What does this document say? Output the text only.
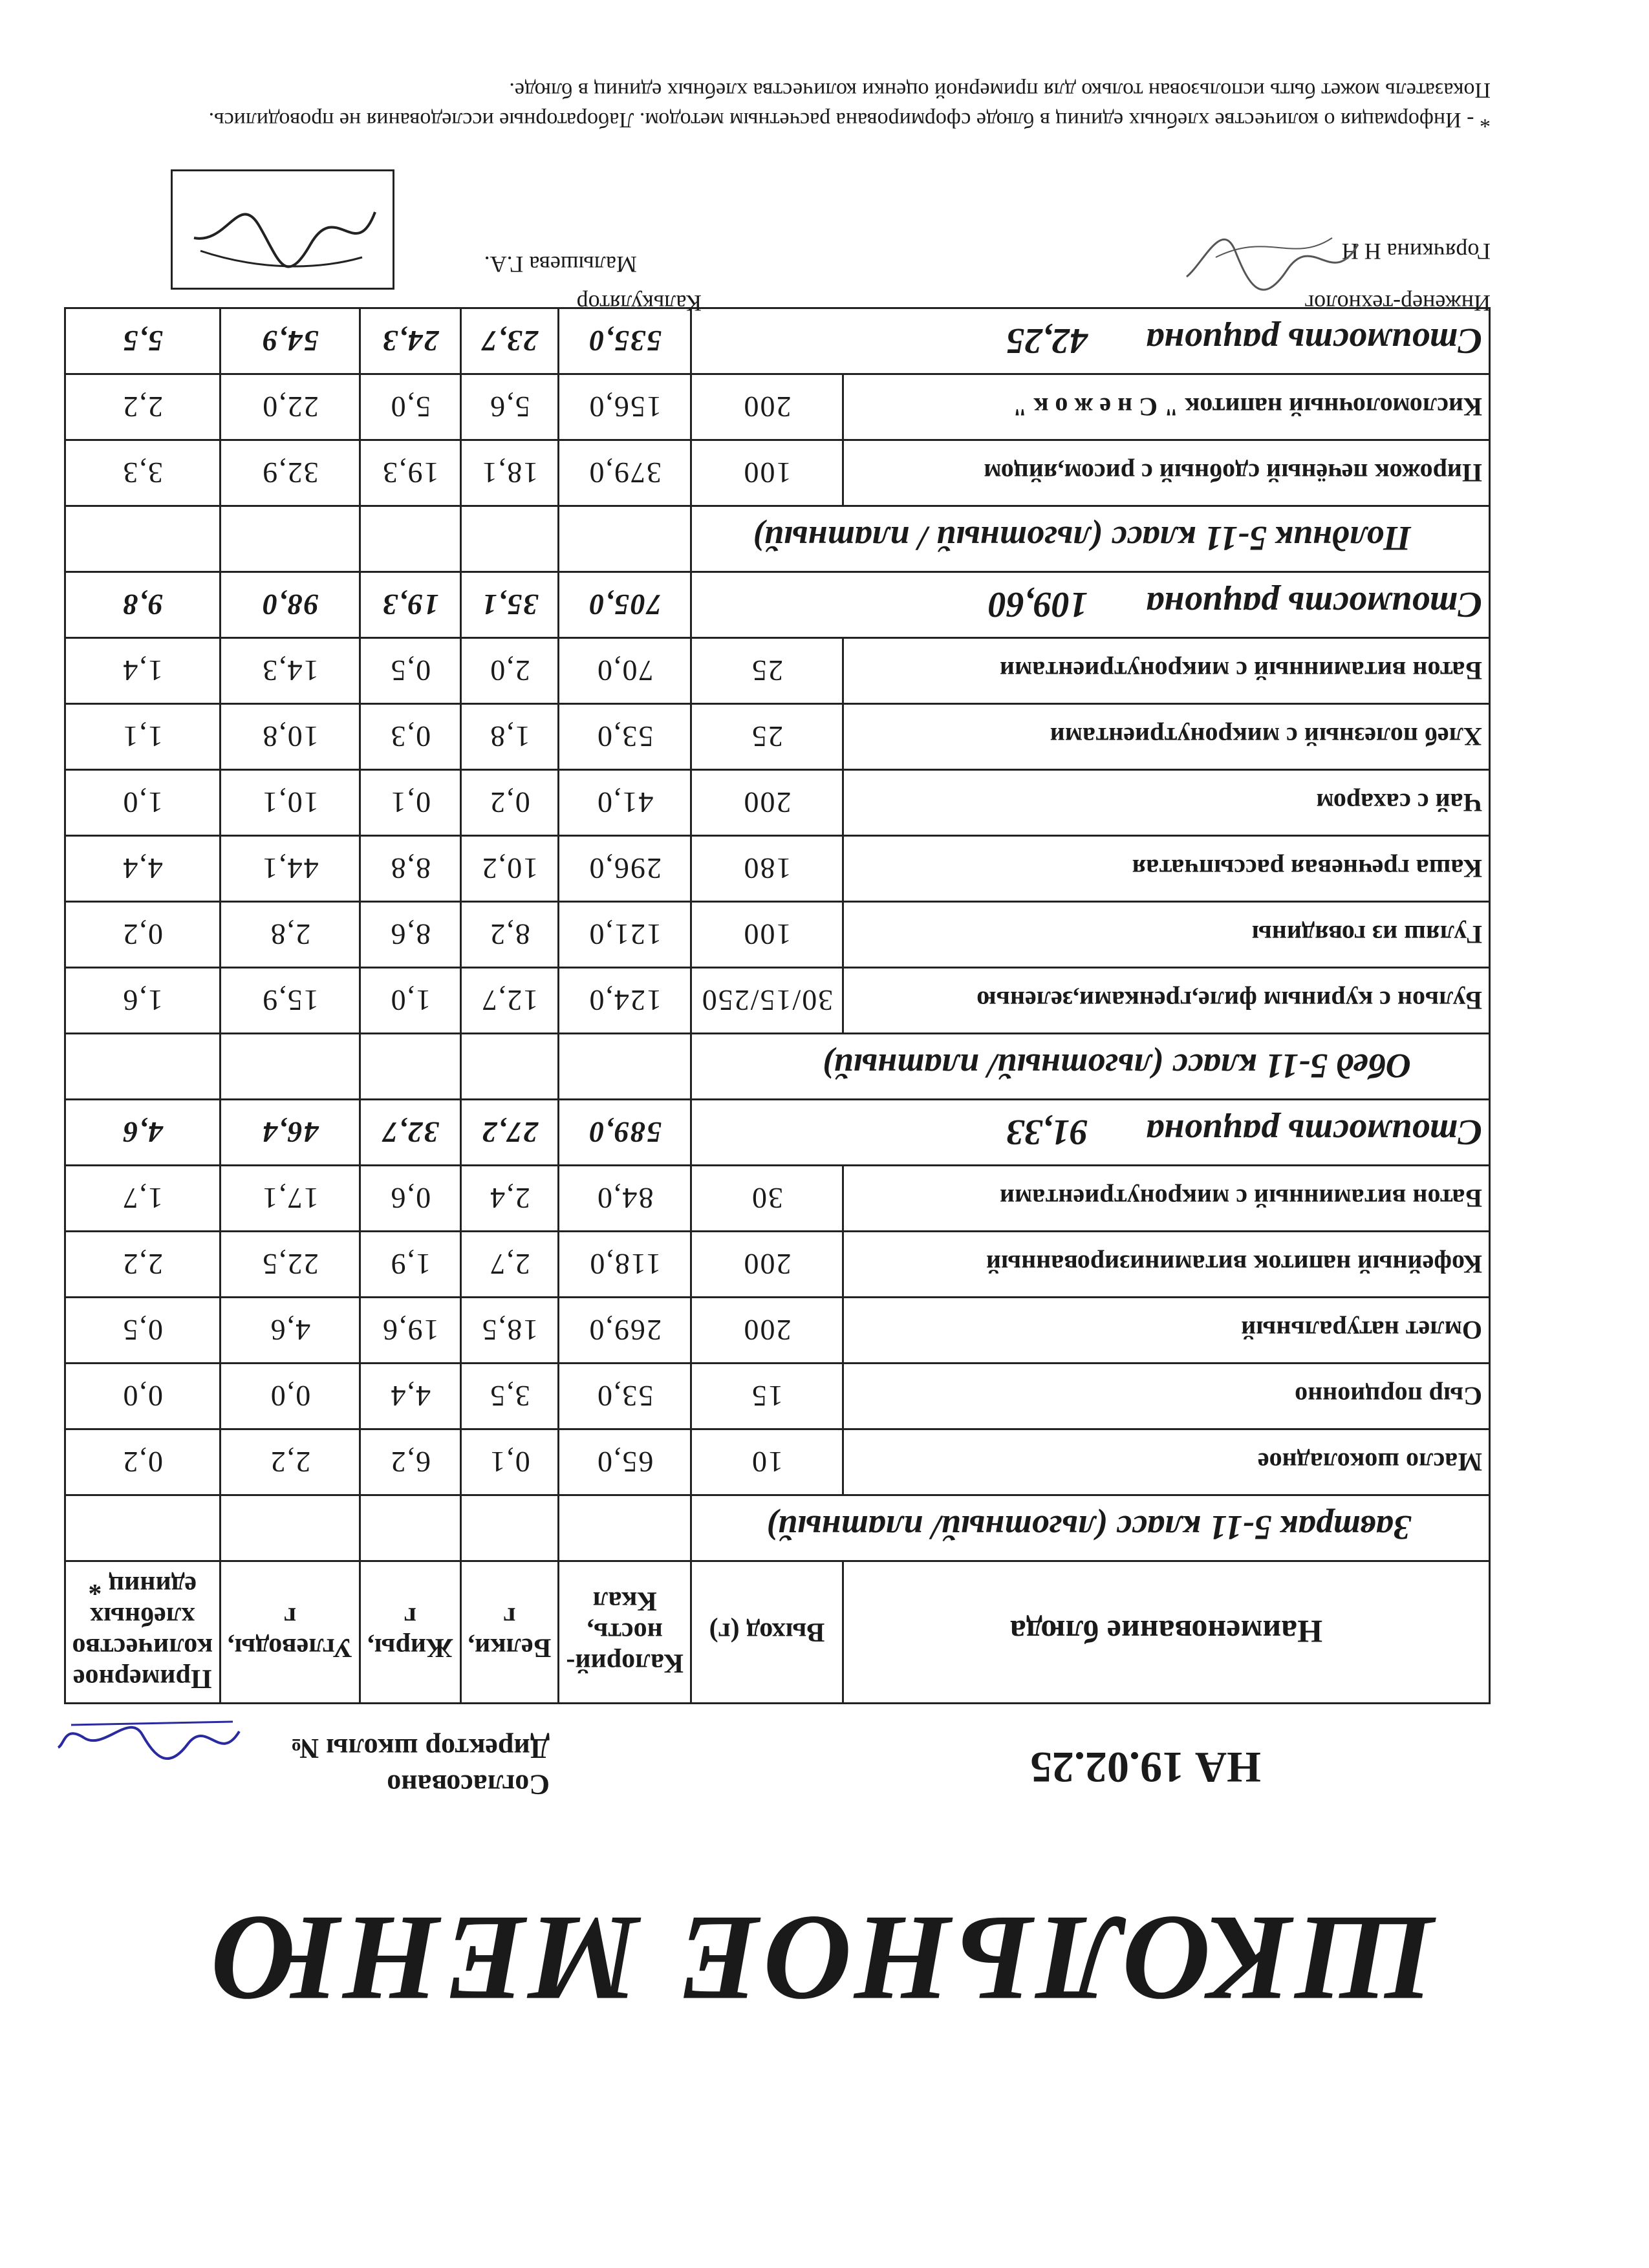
ШКОЛЬНОЕ МЕНЮ
НА 19.02.25
Согласовано
Директор школы №
Наименование блюда	Выход (г)	Калорий-ность, Ккал	Белки, г	Жиры, г	Углеводы, г	Примерное количество хлебных единиц *
Завтрак 5-11 класс (льготный/ платный)						
Масло шоколадное	10	65,0	0,1	6,2	2,2	0,2
Сыр порционно	15	53,0	3,5	4,4	0,0	0,0
Омлет натуральный	200	269,0	18,5	19,6	4,6	0,5
Кофейный напиток витаминизированный	200	118,0	2,7	1,9	22,5	2,2
Батон витаминный с микронутриентами	30	84,0	2,4	0,6	17,1	1,7
Стоимость рациона91,33		589,0	27,2	32,7	46,4	4,6
Обед 5-11 класс (льготный/ платный)						
Бульон с куриным филе,гренками,зеленью	30/15/250	124,0	12,7	1,0	15,9	1,6
Гуляш из говядины	100	121,0	8,2	8,6	2,8	0,2
Каша гречневая рассыпчатая	180	296,0	10,2	8,8	44,1	4,4
Чай с сахаром	200	41,0	0,2	0,1	10,1	1,0
Хлеб полезный с микронутриентами	25	53,0	1,8	0,3	10,8	1,1
Батон витаминный с микронутриентами	25	70,0	2,0	0,5	14,3	1,4
Стоимость рациона109,60		705,0	35,1	19,3	98,0	9,8
Полдник 5-11 класс (льготный / платный)						
Пирожок печёный сдобный с рисом,яйцом	100	379,0	18,1	19,3	32,9	3,3
Кисломолочный напиток " С н е ж о к "	200	156,0	5,6	5,0	22,0	2,2
Стоимость рациона42,25		535,0	23,7	24,3	54,9	5,5
Инженер-технолог
Калькулятор
Горячкина Н Н
Малышева Г.А.
* - Информация о количестве хлебных единиц в блюде сформирована расчетным методом. Лабораторные исследования не проводились. Показатель может быть использован только для примерной оценки количества хлебных единиц в блюде.
